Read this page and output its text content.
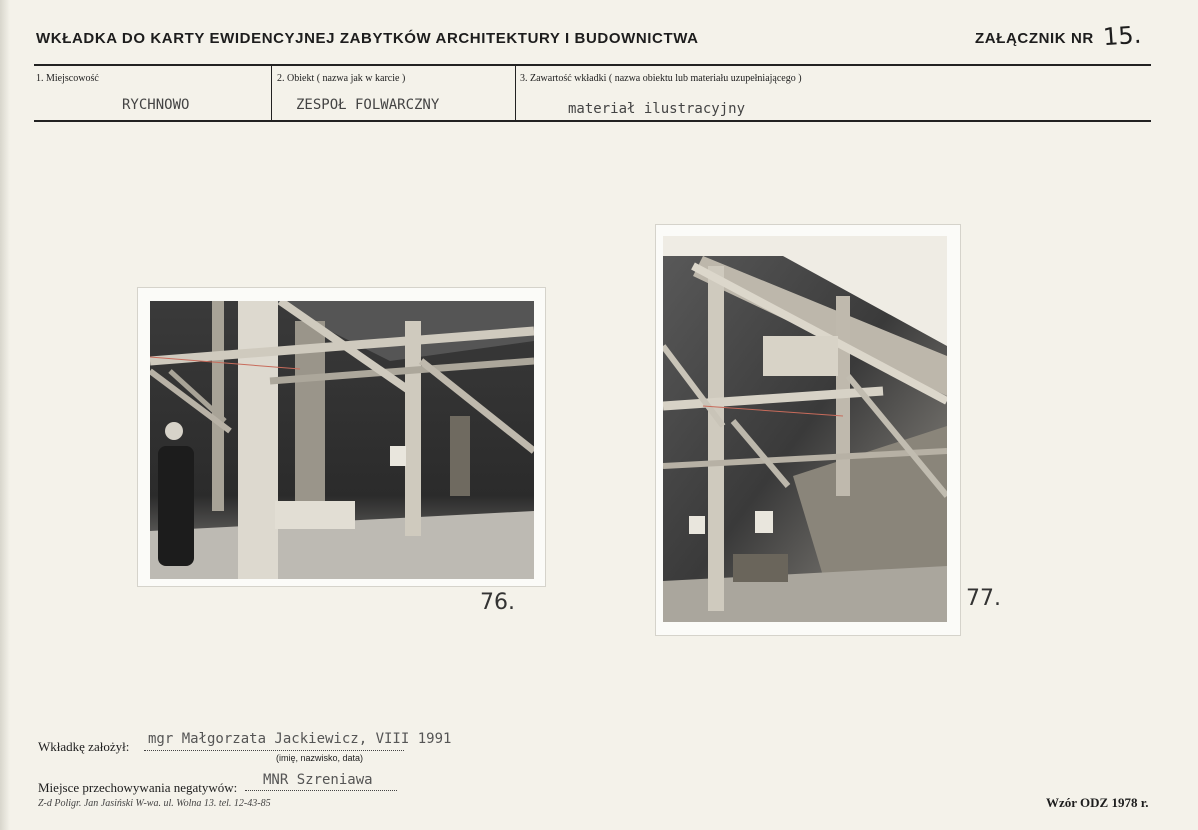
WKŁADKA DO KARTY EWIDENCYJNEJ ZABYTKÓW ARCHITEKTURY I BUDOWNICTWA	ZAŁĄCZNIK NR 15.
1. Miejscowość
RYCHNOWO
2. Obiekt ( nazwa jak w karcie )
ZESPOŁ FOLWARCZNY
3. Zawartość wkładki ( nazwa obiektu lub materiału uzupełniającego )
materiał ilustracyjny
76.	77.
Wkładkę założył: mgr Małgorzata Jackiewicz, VIII 1991
(imię, nazwisko, data)
Miejsce przechowywania negatywów: MNR Szreniawa
Z-d Poligr. Jan Jasiński W-wa. ul. Wolna 13. tel. 12-43-85	Wzór ODZ 1978 r.
